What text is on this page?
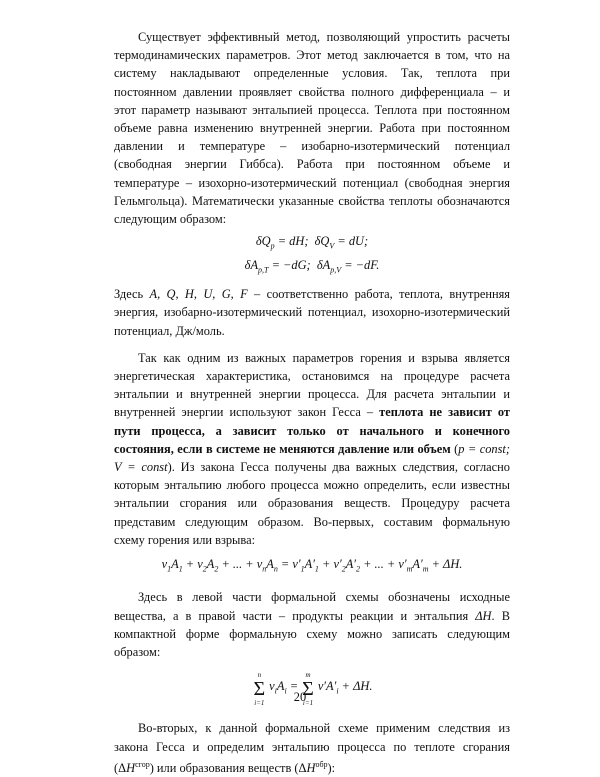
Существует эффективный метод, позволяющий упростить расчеты термодинамических параметров. Этот метод заключается в том, что на систему накладывают определенные условия. Так, теплота при постоянном давлении проявляет свойства полного дифференциала – и этот параметр называют энтальпией процесса. Теплота при постоянном объеме равна изменению внутренней энергии. Работа при постоянном давлении и температуре – изобарно-изотермический потенциал (свободная энергии Гиббса). Работа при постоянном объеме и температуре – изохорно-изотермический потенциал (свободная энергия Гельмгольца). Математически указанные свойства теплоты обозначаются следующим образом:

$\delta Q_p$ = dH;  $\delta Q_V$ = dU;
$\delta A_{p,T} = -dG$;  $\delta A_{p,V} = -dF$.

Здесь A, Q, H, U, G, F – соответственно работа, теплота, внутренняя энергия, изобарно-изотермический потенциал, изохорно-изотермический потенциал, Дж/моль.

Так как одним из важных параметров горения и взрыва является энергетическая характеристика, остановимся на процедуре расчета энтальпии и внутренней энергии процесса. Для расчета энтальпии и внутренней энергии используют закон Гесса – теплота не зависит от пути процесса, а зависит только от начального и конечного состояния, если в системе не меняются давление или объем (p = const; V = const). Из закона Гесса получены два важных следствия, согласно которым энтальпию любого процесса можно определить, если известны энтальпии сгорания или образования веществ. Процедуру расчета представим следующим образом. Во-первых, составим формальную схему горения или взрыва:

$\nu_1A_1 + \nu_2A_2$ + ... + $\nu_nA_n = \nu'_1A'_1 + \nu'_2A'_2$ + ... + $\nu'_mA'_m + \Delta H$.

Здесь в левой части формальной схемы обозначены исходные вещества, а в правой части – продукты реакции и энтальпия ΔH. В компактной форме формальную схему можно записать следующим образом:

n
Σ
i=1
$\nu_iA_i$ =
m
Σ
i=1
$\nu'A'_i + \Delta H$.

Во-вторых, к данной формальной схеме применим следствия из закона Гесса и определим энтальпию процесса по теплоте сгорания $(\Delta H^{сгор})$ или образования веществ $(\Delta H^{обр})$:

20
